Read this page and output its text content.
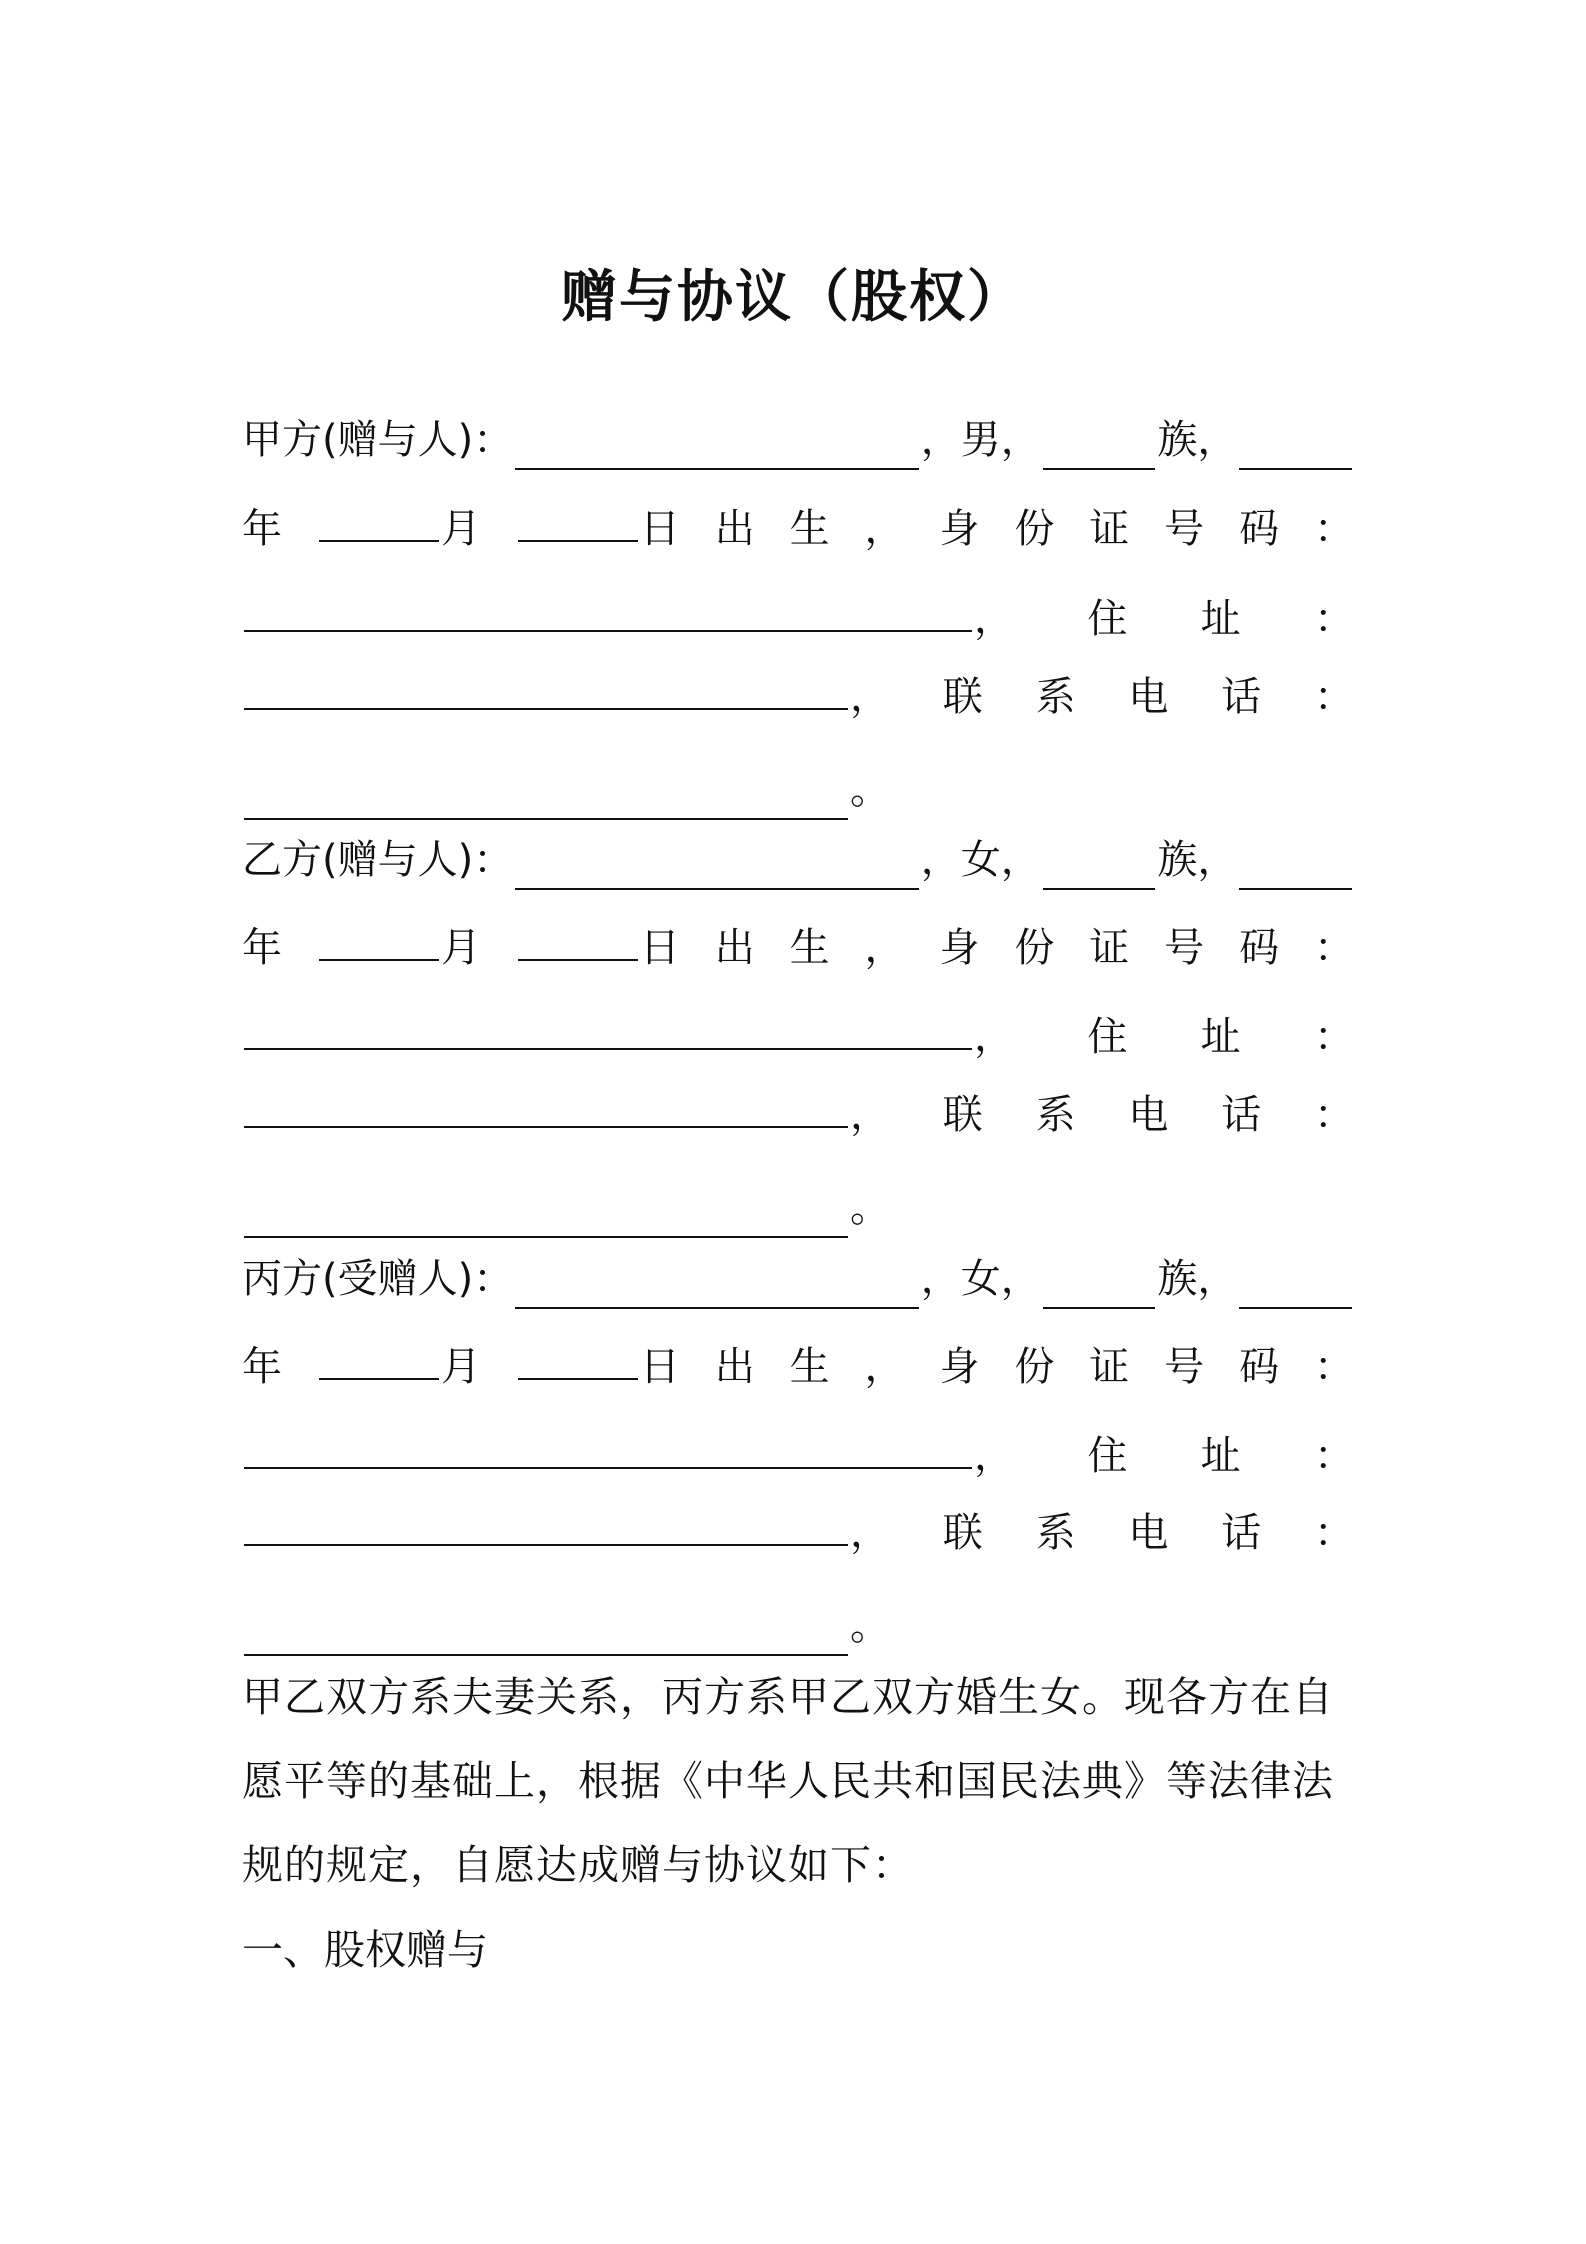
赠与协议（股权）
甲方(赠与人)：	，男，	族，
年	月	日 出 生 ， 身 份 证 号 码 ：
， 住 址 ：
， 联 系 电 话 ：
。
乙方(赠与人)：	，女，	族，
年	月	日 出 生 ， 身 份 证 号 码 ：
， 住 址 ：
， 联 系 电 话 ：
。
丙方(受赠人)：	，女，	族，
年	月	日 出 生 ， 身 份 证 号 码 ：
， 住 址 ：
， 联 系 电 话 ：
。
甲乙双方系夫妻关系，丙方系甲乙双方婚生女。现各方在自
愿平等的基础上，根据《中华人民共和国民法典》等法律法
规的规定，自愿达成赠与协议如下：
一、股权赠与
